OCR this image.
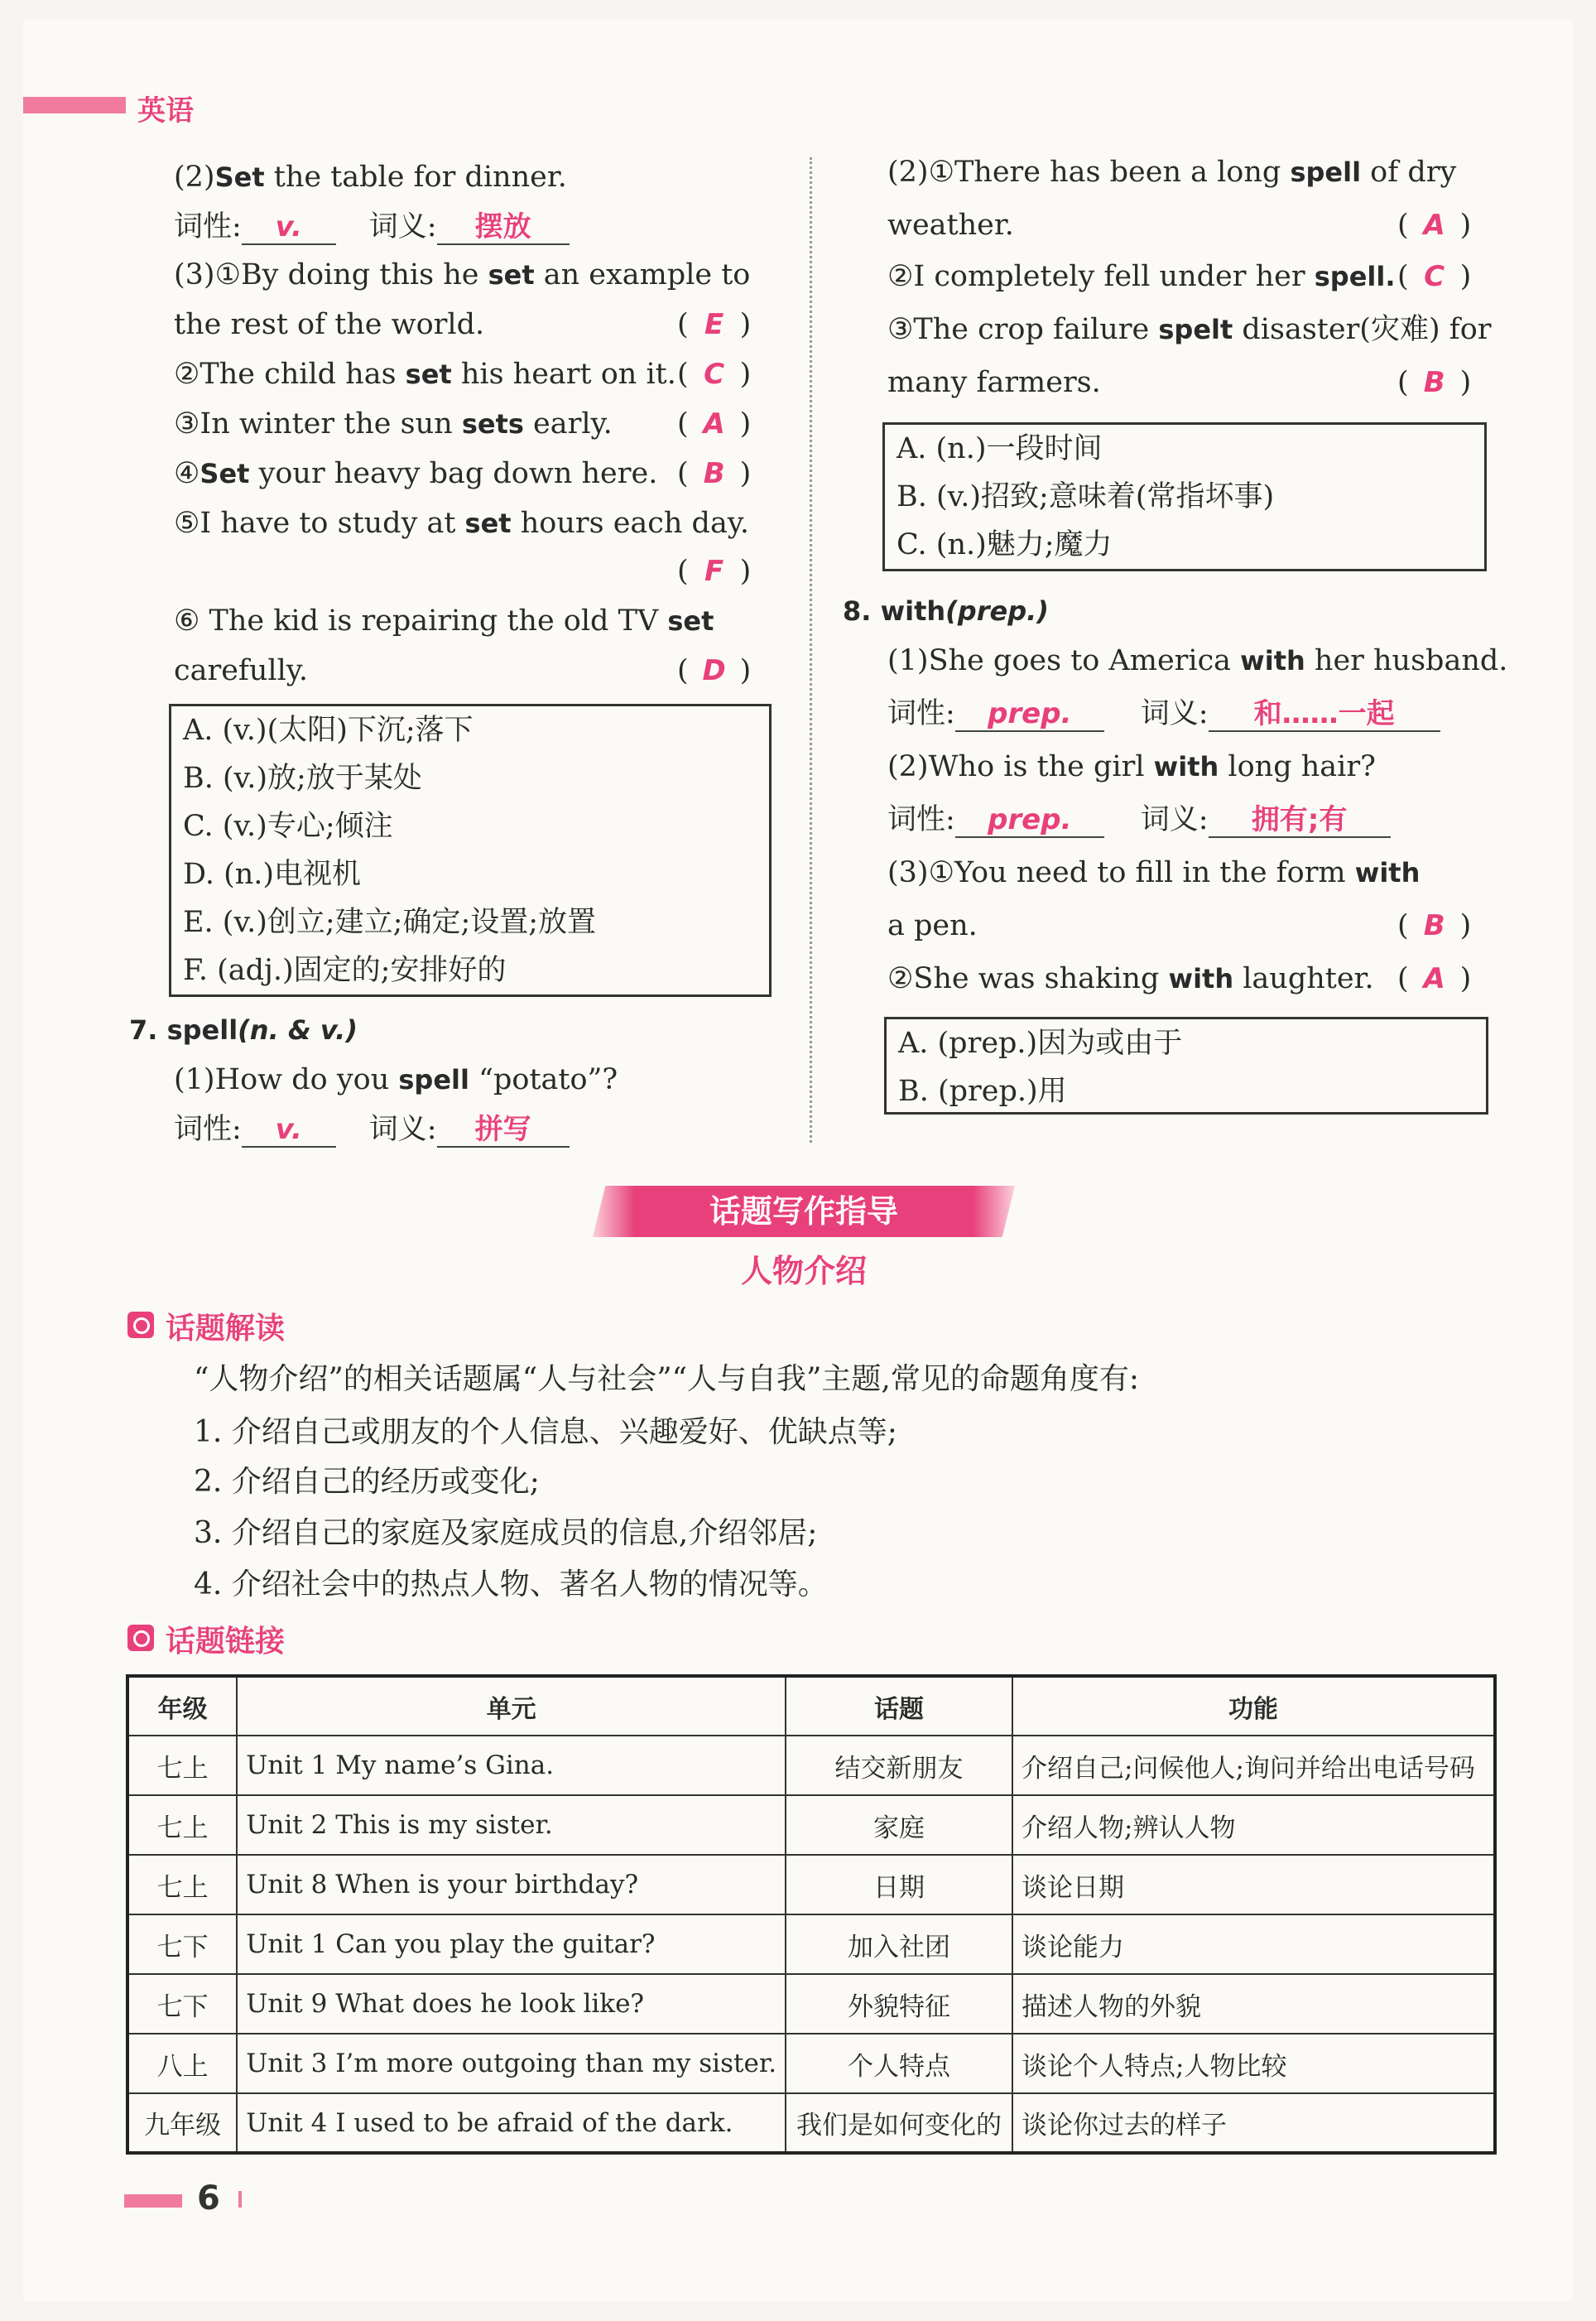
英语
(2)Set the table for dinner.
词性: v. 词义: 摆放
(3)①By doing this he set an example to
the rest of the world.	( E )
②The child has set his heart on it. ( C )
③In winter the sun sets early. ( A )
④Set your heavy bag down here. ( B )
⑤I have to study at set hours each day.
( F )
⑥ The kid is repairing the old TV set
carefully.	( D )
A. (v.)(太阳)下沉;落下
B. (v.)放;放于某处
C. (v.)专心;倾注
D. (n.)电视机
E. (v.)创立;建立;确定;设置;放置
F. (adj.)固定的;安排好的
7. spell(n. & v.)
(1)How do you spell “potato”?
词性: v. 词义: 拼写
(2)①There has been a long spell of dry
weather.	( A )
②I completely fell under her spell. ( C )
③The crop failure spelt disaster(灾难) for
many farmers.	( B )
A. (n.)一段时间
B. (v.)招致;意味着(常指坏事)
C. (n.)魅力;魔力
8. with(prep.)
(1)She goes to America with her husband.
词性: prep. 词义: 和……一起
(2)Who is the girl with long hair?
词性: prep. 词义: 拥有;有
(3)①You need to fill in the form with
a pen.	( B )
②She was shaking with laughter. ( A )
A. (prep.)因为或由于
B. (prep.)用
话题写作指导
人物介绍
话题解读
“人物介绍”的相关话题属“人与社会”“人与自我”主题,常见的命题角度有:
1. 介绍自己或朋友的个人信息、兴趣爱好、优缺点等;
2. 介绍自己的经历或变化;
3. 介绍自己的家庭及家庭成员的信息,介绍邻居;
4. 介绍社会中的热点人物、著名人物的情况等。
话题链接
年级	单元	话题	功能
七上	Unit 1 My name’s Gina.	结交新朋友	介绍自己;问候他人;询问并给出电话号码
七上	Unit 2 This is my sister.	家庭	介绍人物;辨认人物
七上	Unit 8 When is your birthday?	日期	谈论日期
七下	Unit 1 Can you play the guitar?	加入社团	谈论能力
七下	Unit 9 What does he look like?	外貌特征	描述人物的外貌
八上	Unit 3 I’m more outgoing than my sister.	个人特点	谈论个人特点;人物比较
九年级	Unit 4 I used to be afraid of the dark.	我们是如何变化的	谈论你过去的样子
6
